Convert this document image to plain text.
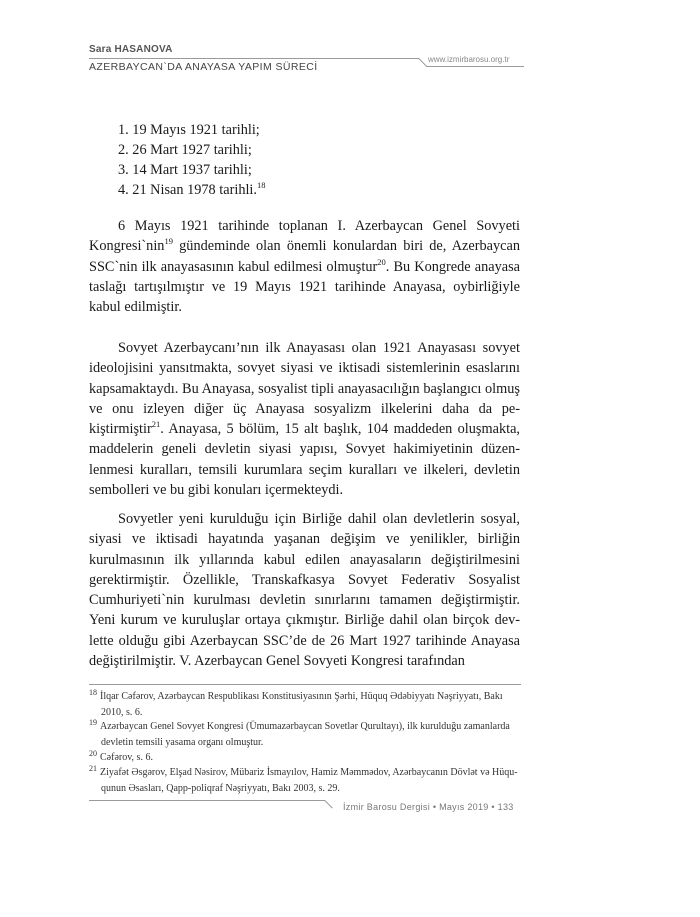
Sara HASANOVA
AZERBAYCAN`DA ANAYASA YAPIM SÜRECİ
www.izmirbarosu.org.tr
1. 19 Mayıs 1921 tarihli;
2. 26 Mart 1927 tarihli;
3. 14 Mart 1937 tarihli;
4. 21 Nisan 1978 tarihli.$^{18}$

6 Mayıs 1921 tarihinde toplanan I. Azerbaycan Genel Sovyeti Kongresi`nin$^{19}$ gündeminde olan önemli konulardan biri de, Azerbaycan SSC`nin ilk anayasasının kabul edilmesi olmuştur$^{20}$. Bu Kongrede anayasa taslağı tartışılmıştır ve 19 Mayıs 1921 tarihinde Anayasa, oybirliğiyle kabul edilmiştir.

Sovyet Azerbaycanı’nın ilk Anayasası olan 1921 Anayasası sovyet ideolojisini yansıtmakta, sovyet siyasi ve iktisadi sistemlerinin esaslarını kapsamaktaydı. Bu Anayasa, sosyalist tipli anayasacılığın başlangıcı olmuş ve onu izleyen diğer üç Anayasa sosyalizm ilkelerini daha da pekiştirmiştir$^{21}$. Anayasa, 5 bölüm, 15 alt başlık, 104 maddeden oluşmakta, maddelerin geneli devletin siyasi yapısı, Sovyet hakimiyetinin düzenlenmesi kuralları, temsili kurumlara seçim kuralları ve ilkeleri, devletin sembolleri ve bu gibi konuları içermekteydi.

Sovyetler yeni kurulduğu için Birliğe dahil olan devletlerin sosyal, siyasi ve iktisadi hayatında yaşanan değişim ve yenilikler, birliğin kurulmasının ilk yıllarında kabul edilen anayasaların değiştirilmesini gerektirmiştir. Özellikle, Transkafkasya Sovyet Federativ Sosyalist Cumhuriyeti`nin kurulması devletin sınırlarını tamamen değiştirmiştir. Yeni kurum ve kuruluşlar ortaya çıkmıştır. Birliğe dahil olan birçok devlette olduğu gibi Azerbaycan SSC’de de 26 Mart 1927 tarihinde Anayasa değiştirilmiştir. V. Azerbaycan Genel Sovyeti Kongresi tarafından

$^{18}$ İlqar Cəfərov, Azərbaycan Respublikası Konstitusiyasının Şərhi, Hüquq Ədəbiyyatı Nəşriyyatı, Bakı 2010, s. 6.

$^{19}$ Azərbaycan Genel Sovyet Kongresi (Ümumazərbaycan Sovetlər Qurultayı), ilk kurulduğu zamanlarda devletin temsili yasama organı olmuştur.

$^{20}$ Cəfərov, s. 6.

$^{21}$ Ziyafət Əsgərov, Elşad Nəsirov, Mübariz İsmayılov, Hamiz Məmmədov, Azərbaycanın Dövlət və Hüququnun Əsasları, Qapp-poliqraf Nəşriyyatı, Bakı 2003, s. 29.

İzmir Barosu Dergisi • Mayıs 2019 • 133
